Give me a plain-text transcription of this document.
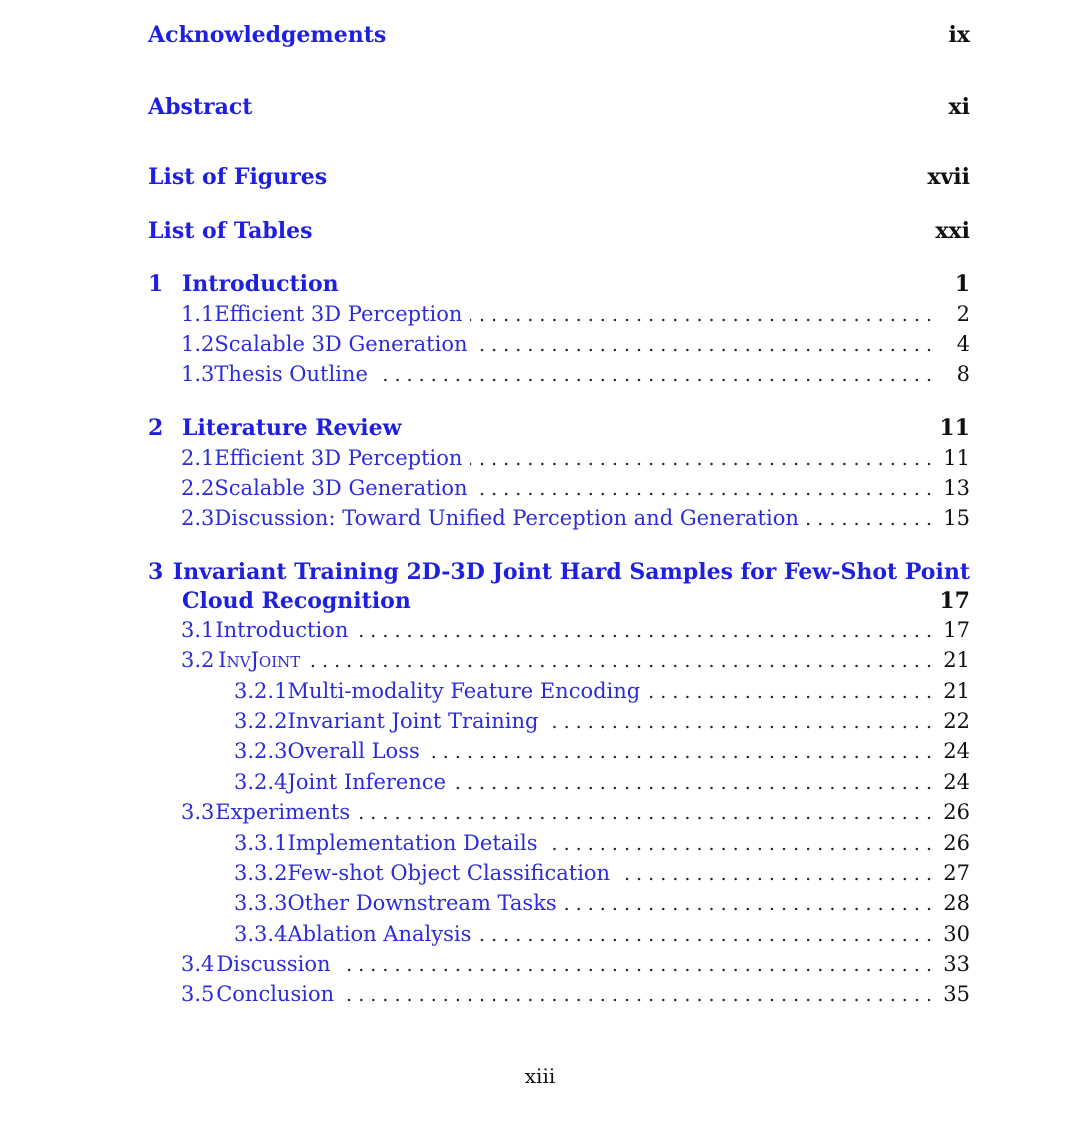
Acknowledgements	ix
Abstract	xi
List of Figures	xvii
List of Tables	xxi
1 Introduction	1
1.1 Efficient 3D Perception . . .	2
1.2 Scalable 3D Generation . . .	4
1.3 Thesis Outline . . .	8
2 Literature Review	11
2.1 Efficient 3D Perception . . .	11
2.2 Scalable 3D Generation . . .	13
2.3 Discussion: Toward Unified Perception and Generation . . .	15
3 Invariant Training 2D-3D Joint Hard Samples for Few-Shot Point
Cloud Recognition	17
3.1 Introduction . . .	17
3.2 InvJoint . . .	21
3.2.1 Multi-modality Feature Encoding . . .	21
3.2.2 Invariant Joint Training . . .	22
3.2.3 Overall Loss . . .	24
3.2.4 Joint Inference . . .	24
3.3 Experiments . . .	26
3.3.1 Implementation Details . . .	26
3.3.2 Few-shot Object Classification . . .	27
3.3.3 Other Downstream Tasks . . .	28
3.3.4 Ablation Analysis . . .	30
3.4 Discussion . . .	33
3.5 Conclusion . . .	35
xiii
